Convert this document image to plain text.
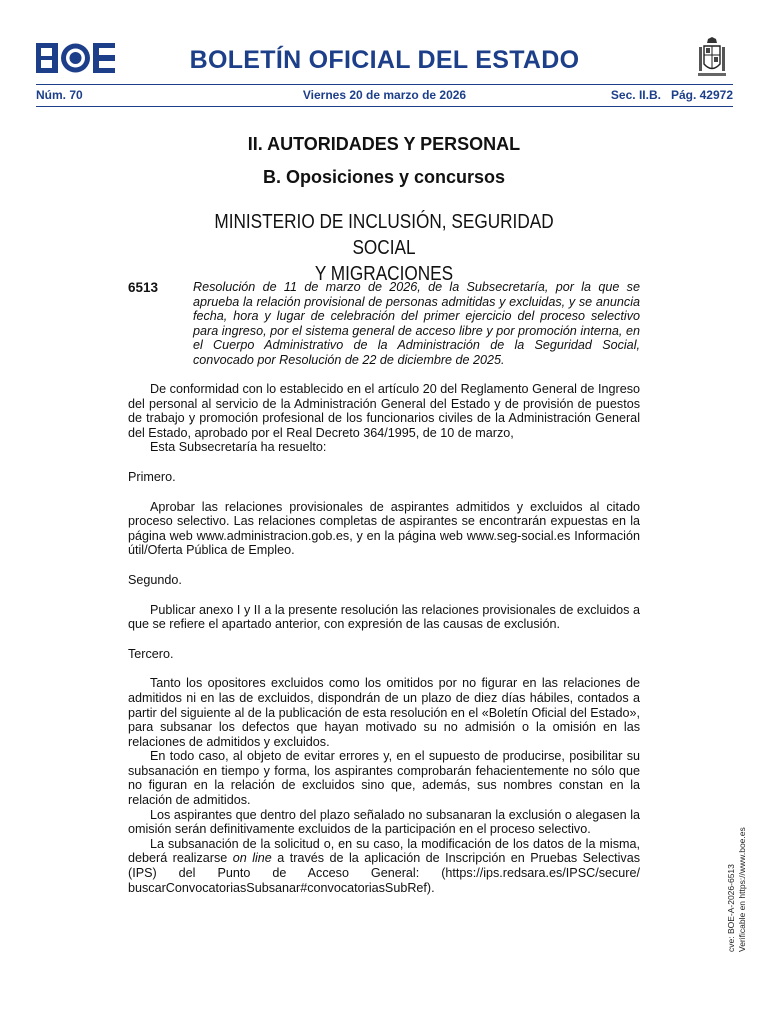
BOLETÍN OFICIAL DEL ESTADO
Núm. 70	Viernes 20 de marzo de 2026	Sec. II.B. Pág. 42972
II. AUTORIDADES Y PERSONAL
B. Oposiciones y concursos
MINISTERIO DE INCLUSIÓN, SEGURIDAD SOCIAL
Y MIGRACIONES
6513	Resolución de 11 de marzo de 2026, de la Subsecretaría, por la que se aprueba la relación provisional de personas admitidas y excluidas, y se anuncia fecha, hora y lugar de celebración del primer ejercicio del proceso selectivo para ingreso, por el sistema general de acceso libre y por promoción interna, en el Cuerpo Administrativo de la Administración de la Seguridad Social, convocado por Resolución de 22 de diciembre de 2025.

De conformidad con lo establecido en el artículo 20 del Reglamento General de Ingreso del personal al servicio de la Administración General del Estado y de provisión de puestos de trabajo y promoción profesional de los funcionarios civiles de la Administración General del Estado, aprobado por el Real Decreto 364/1995, de 10 de marzo,

Esta Subsecretaría ha resuelto:

Primero.

Aprobar las relaciones provisionales de aspirantes admitidos y excluidos al citado proceso selectivo. Las relaciones completas de aspirantes se encontrarán expuestas en la página web www.administracion.gob.es, y en la página web www.seg-social.es Información útil/Oferta Pública de Empleo.

Segundo.

Publicar anexo I y II a la presente resolución las relaciones provisionales de excluidos a que se refiere el apartado anterior, con expresión de las causas de exclusión.

Tercero.

Tanto los opositores excluidos como los omitidos por no figurar en las relaciones de admitidos ni en las de excluidos, dispondrán de un plazo de diez días hábiles, contados a partir del siguiente al de la publicación de esta resolución en el «Boletín Oficial del Estado», para subsanar los defectos que hayan motivado su no admisión o la omisión en las relaciones de admitidos y excluidos.

En todo caso, al objeto de evitar errores y, en el supuesto de producirse, posibilitar su subsanación en tiempo y forma, los aspirantes comprobarán fehacientemente no sólo que no figuran en la relación de excluidos sino que, además, sus nombres constan en la relación de admitidos.

Los aspirantes que dentro del plazo señalado no subsanaran la exclusión o alegasen la omisión serán definitivamente excluidos de la participación en el proceso selectivo.

La subsanación de la solicitud o, en su caso, la modificación de los datos de la misma, deberá realizarse on line a través de la aplicación de Inscripción en Pruebas Selectivas (IPS) del Punto de Acceso General: (https://ips.redsara.es/IPSC/secure/ buscarConvocatoriasSubsanar#convocatoriasSubRef).	cve: BOE-A-2026-6513 Verificable en https://www.boe.es
